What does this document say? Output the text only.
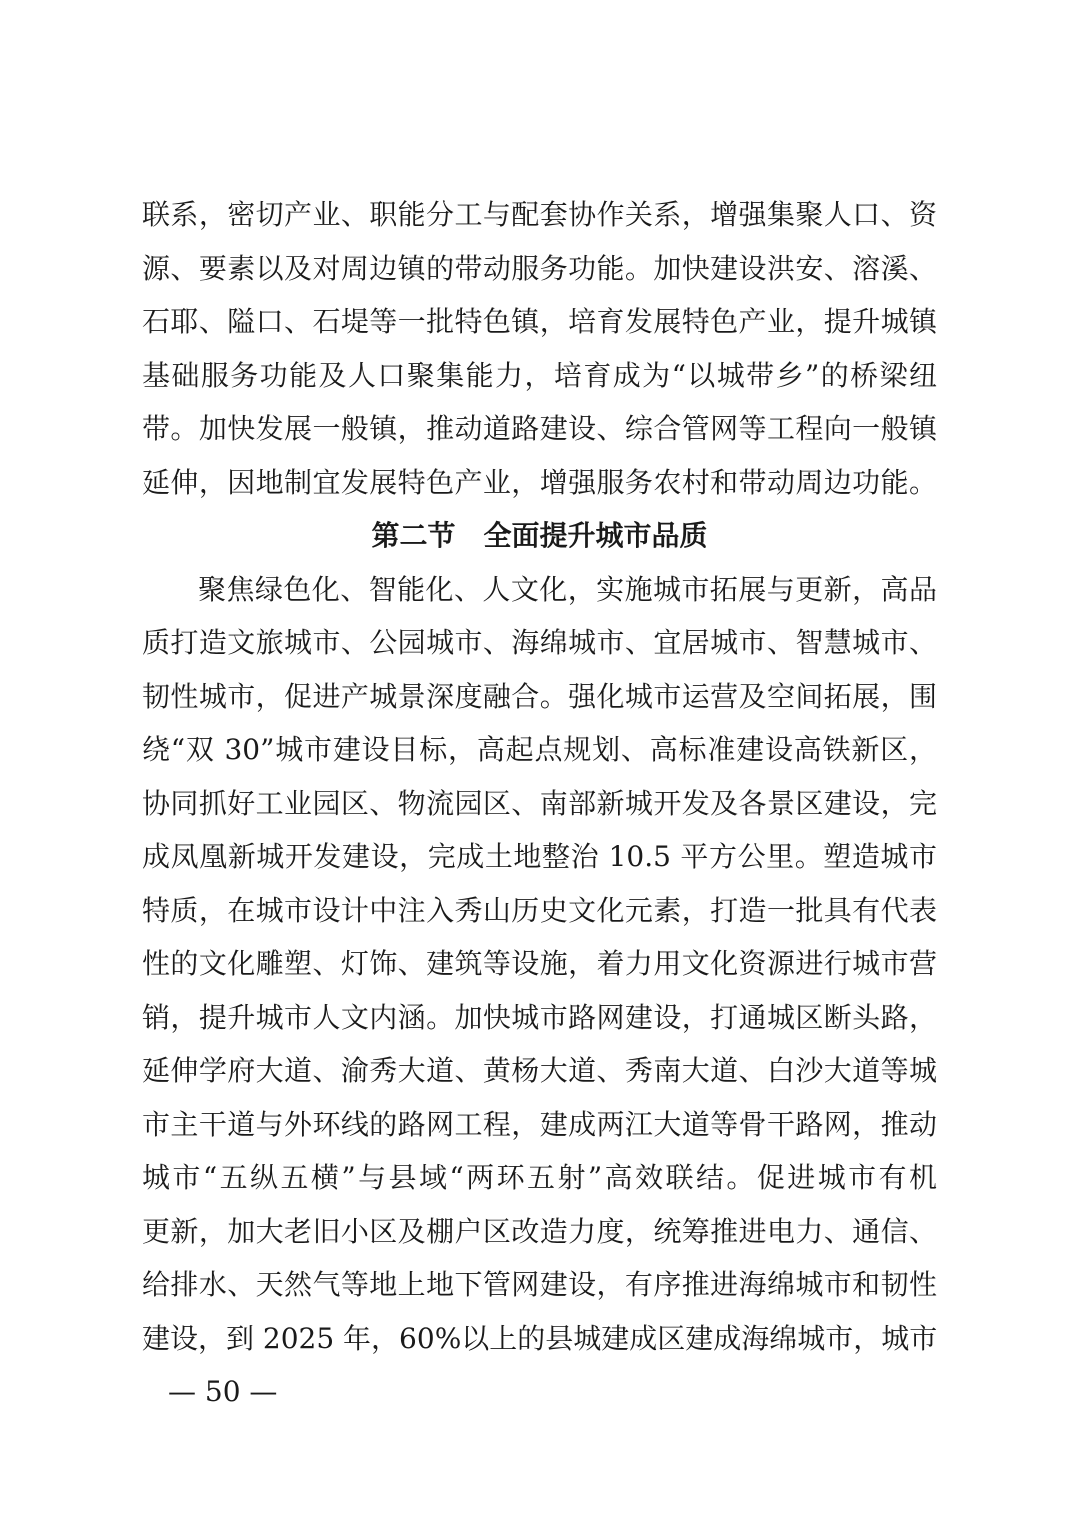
联系，密切产业、职能分工与配套协作关系，增强集聚人口、资
源、要素以及对周边镇的带动服务功能。加快建设洪安、溶溪、
石耶、隘口、石堤等一批特色镇，培育发展特色产业，提升城镇
基础服务功能及人口聚集能力，培育成为“以城带乡”的桥梁纽
带。加快发展一般镇，推动道路建设、综合管网等工程向一般镇
延伸，因地制宜发展特色产业，增强服务农村和带动周边功能。
第二节　全面提升城市品质
聚焦绿色化、智能化、人文化，实施城市拓展与更新，高品
质打造文旅城市、公园城市、海绵城市、宜居城市、智慧城市、
韧性城市，促进产城景深度融合。强化城市运营及空间拓展，围
绕“双 30”城市建设目标，高起点规划、高标准建设高铁新区，
协同抓好工业园区、物流园区、南部新城开发及各景区建设，完
成凤凰新城开发建设，完成土地整治 10.5 平方公里。塑造城市
特质，在城市设计中注入秀山历史文化元素，打造一批具有代表
性的文化雕塑、灯饰、建筑等设施，着力用文化资源进行城市营
销，提升城市人文内涵。加快城市路网建设，打通城区断头路，
延伸学府大道、渝秀大道、黄杨大道、秀南大道、白沙大道等城
市主干道与外环线的路网工程，建成两江大道等骨干路网，推动
城市“五纵五横”与县域“两环五射”高效联结。促进城市有机
更新，加大老旧小区及棚户区改造力度，统筹推进电力、通信、
给排水、天然气等地上地下管网建设，有序推进海绵城市和韧性
建设，到 2025 年，60%以上的县城建成区建成海绵城市，城市
— 50 —
